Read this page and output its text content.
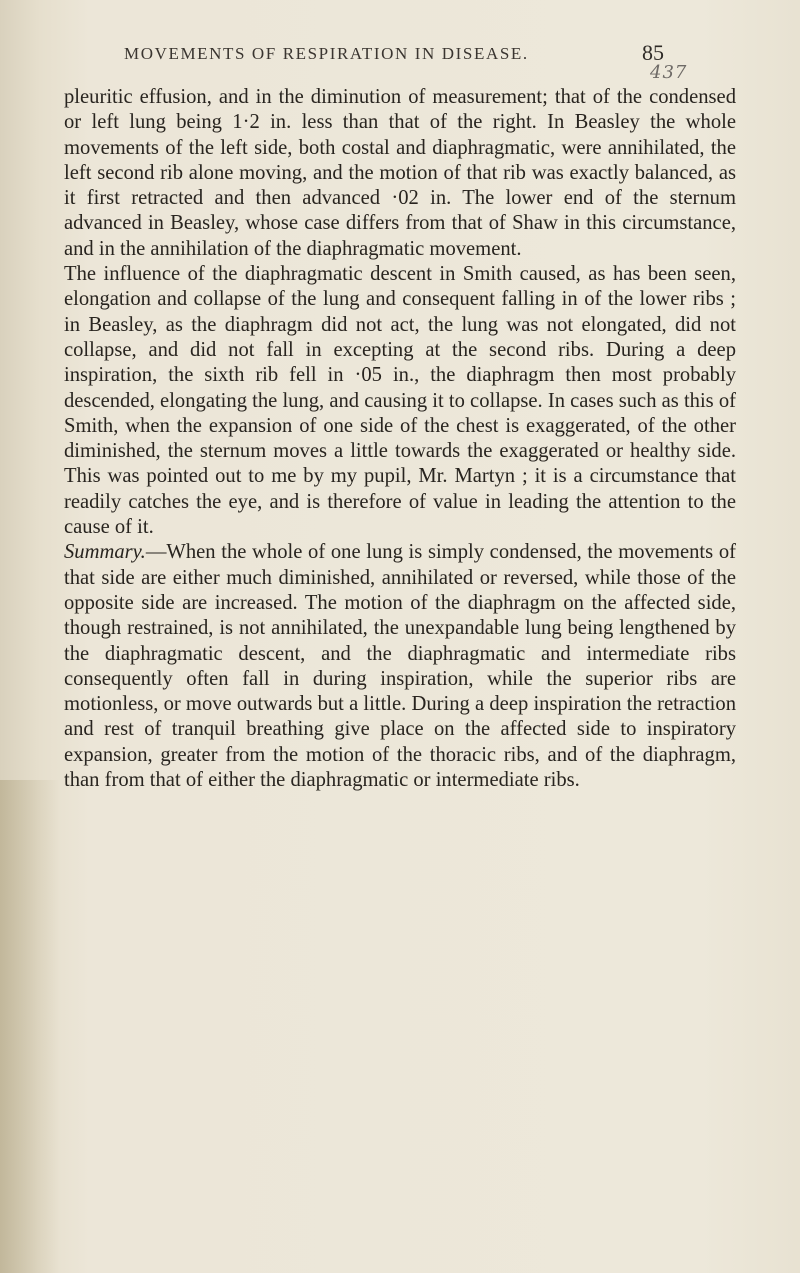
MOVEMENTS OF RESPIRATION IN DISEASE.	85
437

pleuritic effusion, and in the diminution of measurement; that of the condensed or left lung being 1·2 in. less than that of the right. In Beasley the whole movements of the left side, both costal and diaphragmatic, were annihilated, the left second rib alone moving, and the motion of that rib was exactly balanced, as it first retracted and then advanced ·02 in. The lower end of the sternum advanced in Beasley, whose case differs from that of Shaw in this circumstance, and in the annihilation of the diaphragmatic movement.

The influence of the diaphragmatic descent in Smith caused, as has been seen, elongation and collapse of the lung and consequent falling in of the lower ribs ; in Beasley, as the diaphragm did not act, the lung was not elongated, did not collapse, and did not fall in excepting at the second ribs. During a deep inspiration, the sixth rib fell in ·05 in., the diaphragm then most probably descended, elongating the lung, and causing it to collapse. In cases such as this of Smith, when the expansion of one side of the chest is exaggerated, of the other diminished, the sternum moves a little towards the exaggerated or healthy side. This was pointed out to me by my pupil, Mr. Martyn ; it is a circumstance that readily catches the eye, and is therefore of value in leading the attention to the cause of it.

Summary.—When the whole of one lung is simply condensed, the movements of that side are either much diminished, annihilated or reversed, while those of the opposite side are increased. The motion of the diaphragm on the affected side, though restrained, is not annihilated, the unexpandable lung being lengthened by the diaphragmatic descent, and the diaphragmatic and intermediate ribs consequently often fall in during inspiration, while the superior ribs are motionless, or move outwards but a little. During a deep inspiration the retraction and rest of tranquil breathing give place on the affected side to inspiratory expansion, greater from the motion of the thoracic ribs, and of the diaphragm, than from that of either the diaphragmatic or intermediate ribs.
